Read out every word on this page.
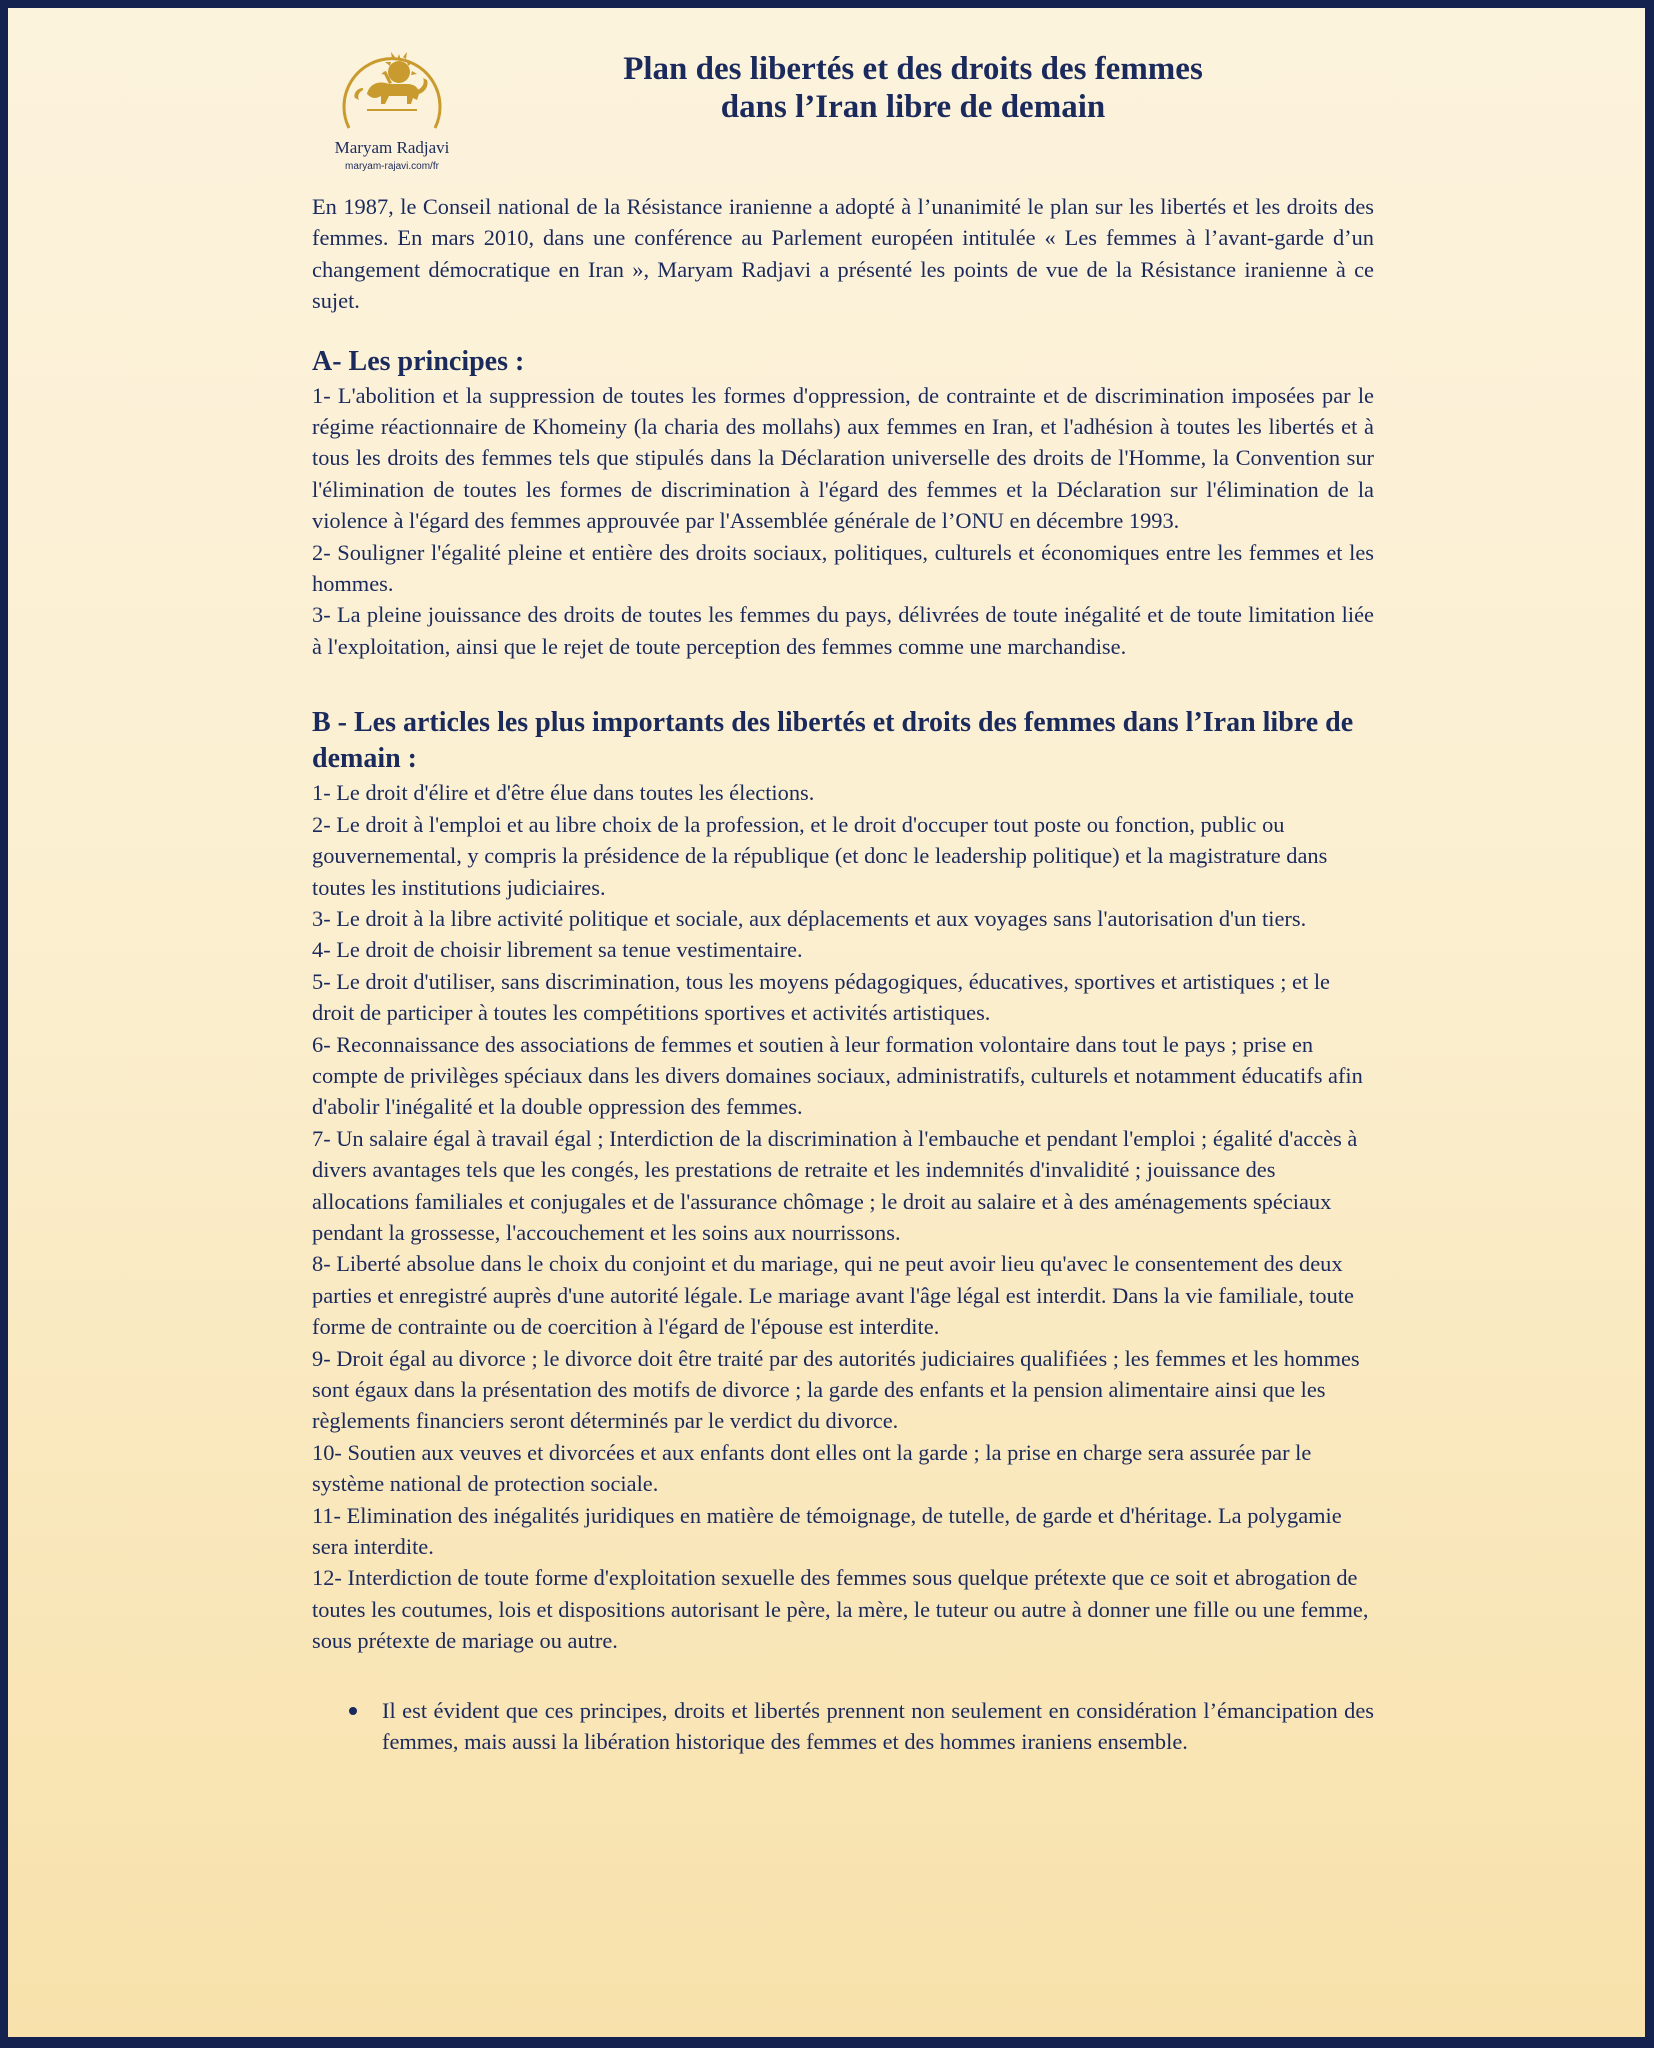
Maryam Radjavi
maryam-rajavi.com/fr
Plan des libertés et des droits des femmes
dans l’Iran libre de demain

En 1987, le Conseil national de la Résistance iranienne a adopté à l’unanimité le plan sur les libertés et les droits des femmes. En mars 2010, dans une conférence au Parlement européen intitulée « Les femmes à l’avant-garde d’un changement démocratique en Iran », Maryam Radjavi a présenté les points de vue de la Résistance iranienne à ce sujet.

A- Les principes :
1- L'abolition et la suppression de toutes les formes d'oppression, de contrainte et de discrimination imposées par le régime réactionnaire de Khomeiny (la charia des mollahs) aux femmes en Iran, et l'adhésion à toutes les libertés et à tous les droits des femmes tels que stipulés dans la Déclaration universelle des droits de l'Homme, la Convention sur l'élimination de toutes les formes de discrimination à l'égard des femmes et la Déclaration sur l'élimination de la violence à l'égard des femmes approuvée par l'Assemblée générale de l’ONU en décembre 1993.
2- Souligner l'égalité pleine et entière des droits sociaux, politiques, culturels et économiques entre les femmes et les hommes.
3- La pleine jouissance des droits de toutes les femmes du pays, délivrées de toute inégalité et de toute limitation liée à l'exploitation, ainsi que le rejet de toute perception des femmes comme une marchandise.
B - Les articles les plus importants des libertés et droits des femmes dans l’Iran libre de demain :
1- Le droit d'élire et d'être élue dans toutes les élections.
2- Le droit à l'emploi et au libre choix de la profession, et le droit d'occuper tout poste ou fonction, public ou gouvernemental, y compris la présidence de la république (et donc le leadership politique) et la magistrature dans toutes les institutions judiciaires.
3- Le droit à la libre activité politique et sociale, aux déplacements et aux voyages sans l'autorisation d'un tiers.
4- Le droit de choisir librement sa tenue vestimentaire.
5- Le droit d'utiliser, sans discrimination, tous les moyens pédagogiques, éducatives, sportives et artistiques ; et le droit de participer à toutes les compétitions sportives et activités artistiques.
6- Reconnaissance des associations de femmes et soutien à leur formation volontaire dans tout le pays ; prise en compte de privilèges spéciaux dans les divers domaines sociaux, administratifs, culturels et notamment éducatifs afin d'abolir l'inégalité et la double oppression des femmes.
7- Un salaire égal à travail égal ; Interdiction de la discrimination à l'embauche et pendant l'emploi ; égalité d'accès à divers avantages tels que les congés, les prestations de retraite et les indemnités d'invalidité ; jouissance des allocations familiales et conjugales et de l'assurance chômage ; le droit au salaire et à des aménagements spéciaux pendant la grossesse, l'accouchement et les soins aux nourrissons.
8- Liberté absolue dans le choix du conjoint et du mariage, qui ne peut avoir lieu qu'avec le consentement des deux parties et enregistré auprès d'une autorité légale. Le mariage avant l'âge légal est interdit. Dans la vie familiale, toute forme de contrainte ou de coercition à l'égard de l'épouse est interdite.
9- Droit égal au divorce ; le divorce doit être traité par des autorités judiciaires qualifiées ; les femmes et les hommes sont égaux dans la présentation des motifs de divorce ; la garde des enfants et la pension alimentaire ainsi que les règlements financiers seront déterminés par le verdict du divorce.
10- Soutien aux veuves et divorcées et aux enfants dont elles ont la garde ; la prise en charge sera assurée par le système national de protection sociale.
11- Elimination des inégalités juridiques en matière de témoignage, de tutelle, de garde et d'héritage. La polygamie sera interdite.
12- Interdiction de toute forme d'exploitation sexuelle des femmes sous quelque prétexte que ce soit et abrogation de toutes les coutumes, lois et dispositions autorisant le père, la mère, le tuteur ou autre à donner une fille ou une femme, sous prétexte de mariage ou autre.
Il est évident que ces principes, droits et libertés prennent non seulement en considération l’émancipation des femmes, mais aussi la libération historique des femmes et des hommes iraniens ensemble.
